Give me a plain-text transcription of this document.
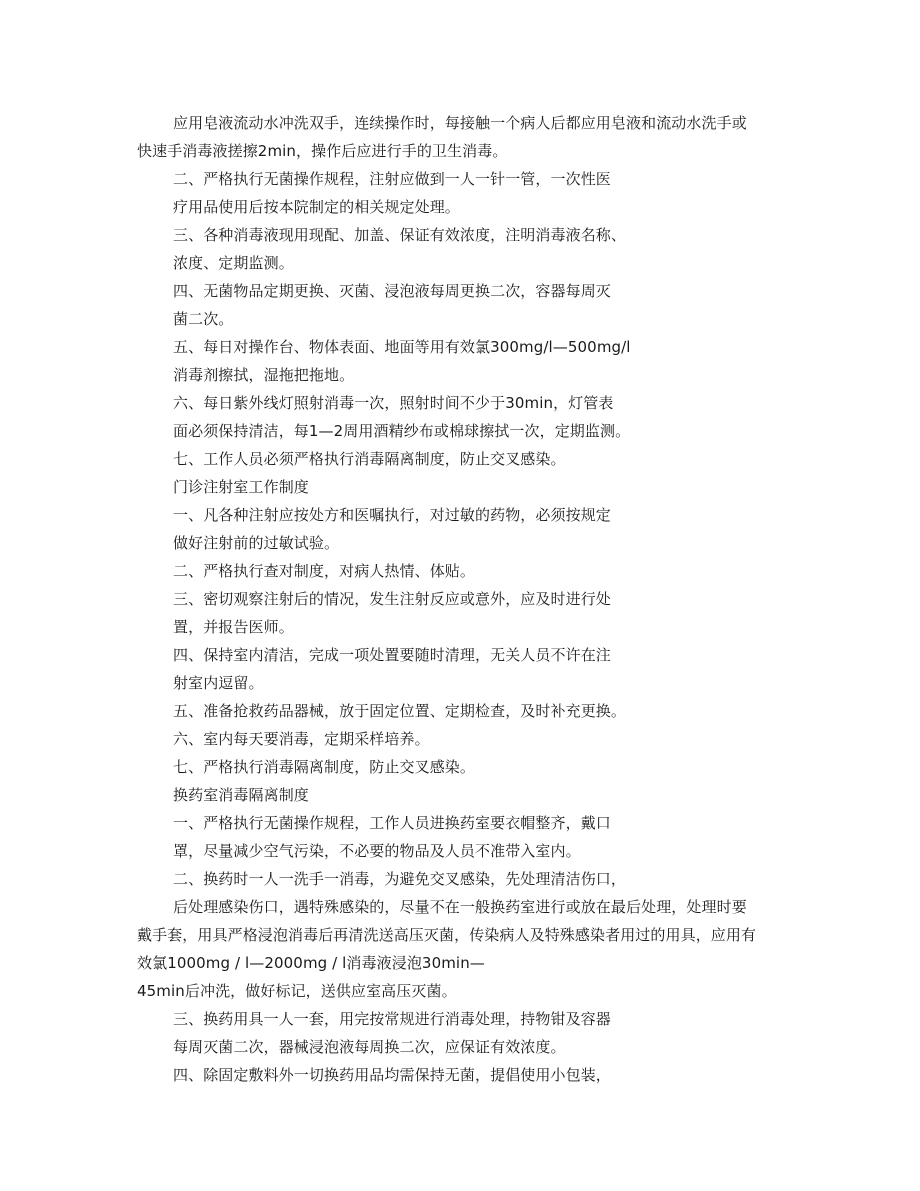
应用皂液流动水冲洗双手，连续操作时，每接触一个病人后都应用皂液和流动水洗手或
快速手消毒液搓擦2min，操作后应进行手的卫生消毒。
二、严格执行无菌操作规程，注射应做到一人一针一管，一次性医
疗用品使用后按本院制定的相关规定处理。
三、各种消毒液现用现配、加盖、保证有效浓度，注明消毒液名称、
浓度、定期监测。
四、无菌物品定期更换、灭菌、浸泡液每周更换二次，容器每周灭
菌二次。
五、每日对操作台、物体表面、地面等用有效氯300mg/l—500mg/l
消毒剂擦拭，湿拖把拖地。
六、每日紫外线灯照射消毒一次，照射时间不少于30min，灯管表
面必须保持清洁，每1—2周用酒精纱布或棉球擦拭一次，定期监测。
七、工作人员必须严格执行消毒隔离制度，防止交叉感染。
门诊注射室工作制度
一、凡各种注射应按处方和医嘱执行，对过敏的药物，必须按规定
做好注射前的过敏试验。
二、严格执行查对制度，对病人热情、体贴。
三、密切观察注射后的情况，发生注射反应或意外，应及时进行处
置，并报告医师。
四、保持室内清洁，完成一项处置要随时清理，无关人员不许在注
射室内逗留。
五、准备抢救药品器械，放于固定位置、定期检查，及时补充更换。
六、室内每天要消毒，定期采样培养。
七、严格执行消毒隔离制度，防止交叉感染。
换药室消毒隔离制度
一、严格执行无菌操作规程，工作人员进换药室要衣帽整齐，戴口
罩，尽量减少空气污染，不必要的物品及人员不准带入室内。
二、换药时一人一洗手一消毒，为避免交叉感染，先处理清洁伤口，
后处理感染伤口，遇特殊感染的，尽量不在一般换药室进行或放在最后处理，处理时要
戴手套，用具严格浸泡消毒后再清洗送高压灭菌，传染病人及特殊感染者用过的用具，应用有
效氯1000mg / l—2000mg / l消毒液浸泡30min—
45min后冲洗，做好标记，送供应室高压灭菌。
三、换药用具一人一套，用完按常规进行消毒处理，持物钳及容器
每周灭菌二次，器械浸泡液每周换二次，应保证有效浓度。
四、除固定敷料外一切换药用品均需保持无菌，提倡使用小包装，
